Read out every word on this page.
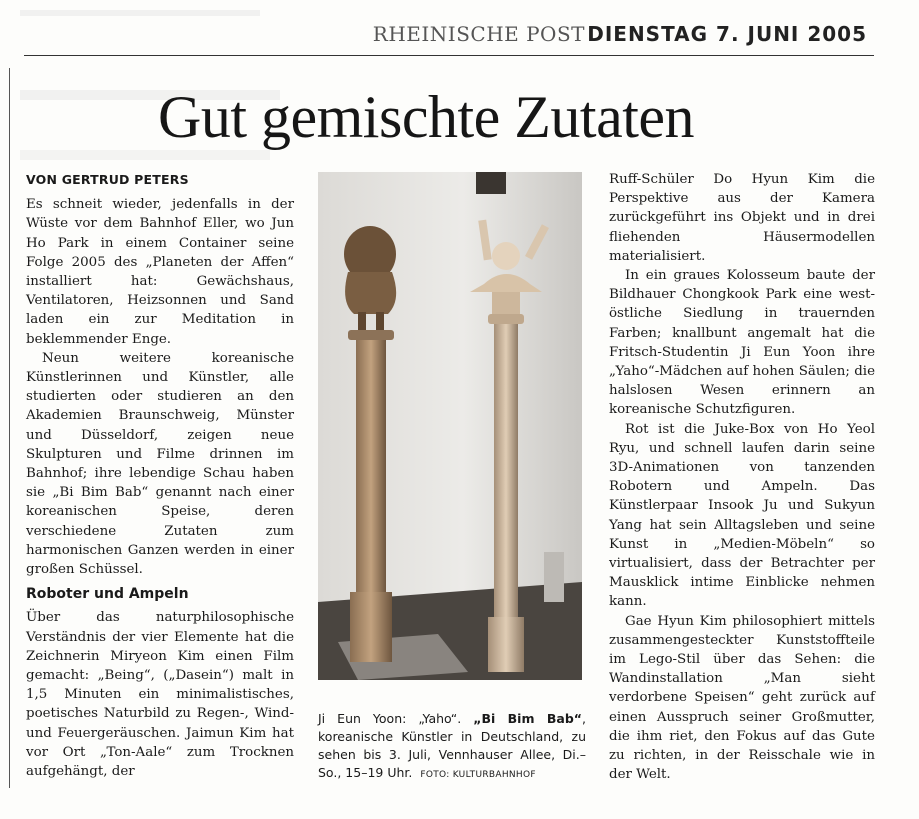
RHEINISCHE POST DIENSTAG 7. JUNI 2005
Gut gemischte Zutaten
VON GERTRUD PETERS

Es schneit wieder, jedenfalls in der Wüste vor dem Bahnhof Eller, wo Jun Ho Park in einem Container seine Folge 2005 des „Planeten der Affen“ installiert hat: Gewächshaus, Ventilatoren, Heizsonnen und Sand laden ein zur Meditation in beklemmender Enge.

Neun weitere koreanische Künstlerinnen und Künstler, alle studierten oder studieren an den Akademien Braunschweig, Münster und Düsseldorf, zeigen neue Skulpturen und Filme drinnen im Bahnhof; ihre lebendige Schau haben sie „Bi Bim Bab“ genannt nach einer koreanischen Speise, deren verschiedene Zutaten zum harmonischen Ganzen werden in einer großen Schüssel.

Roboter und Ampeln

Über das naturphilosophische Verständnis der vier Elemente hat die Zeichnerin Miryeon Kim einen Film gemacht: „Being“, („Dasein“) malt in 1,5 Minuten ein minimalistisches, poetisches Naturbild zu Regen-, Wind- und Feuergeräuschen. Jaimun Kim hat vor Ort „Ton-Aale“ zum Trocknen aufgehängt, der

Ji Eun Yoon: „Yaho“. „Bi Bim Bab“, koreanische Künstler in Deutschland, zu sehen bis 3. Juli, Vennhauser Allee, Di.–So., 15–19 Uhr. FOTO: KULTURBAHNHOF

Ruff-Schüler Do Hyun Kim die Perspektive aus der Kamera zurückgeführt ins Objekt und in drei fliehenden Häusermodellen materialisiert.

In ein graues Kolosseum baute der Bildhauer Chongkook Park eine west-östliche Siedlung in trauernden Farben; knallbunt angemalt hat die Fritsch-Studentin Ji Eun Yoon ihre „Yaho“-Mädchen auf hohen Säulen; die halslosen Wesen erinnern an koreanische Schutzfiguren.

Rot ist die Juke-Box von Ho Yeol Ryu, und schnell laufen darin seine 3D-Animationen von tanzenden Robotern und Ampeln. Das Künstlerpaar Insook Ju und Sukyun Yang hat sein Alltagsleben und seine Kunst in „Medien-Möbeln“ so virtualisiert, dass der Betrachter per Mausklick intime Einblicke nehmen kann.

Gae Hyun Kim philosophiert mittels zusammengesteckter Kunststoffteile im Lego-Stil über das Sehen: die Wandinstallation „Man sieht verdorbene Speisen“ geht zurück auf einen Ausspruch seiner Großmutter, die ihm riet, den Fokus auf das Gute zu richten, in der Reisschale wie in der Welt.
